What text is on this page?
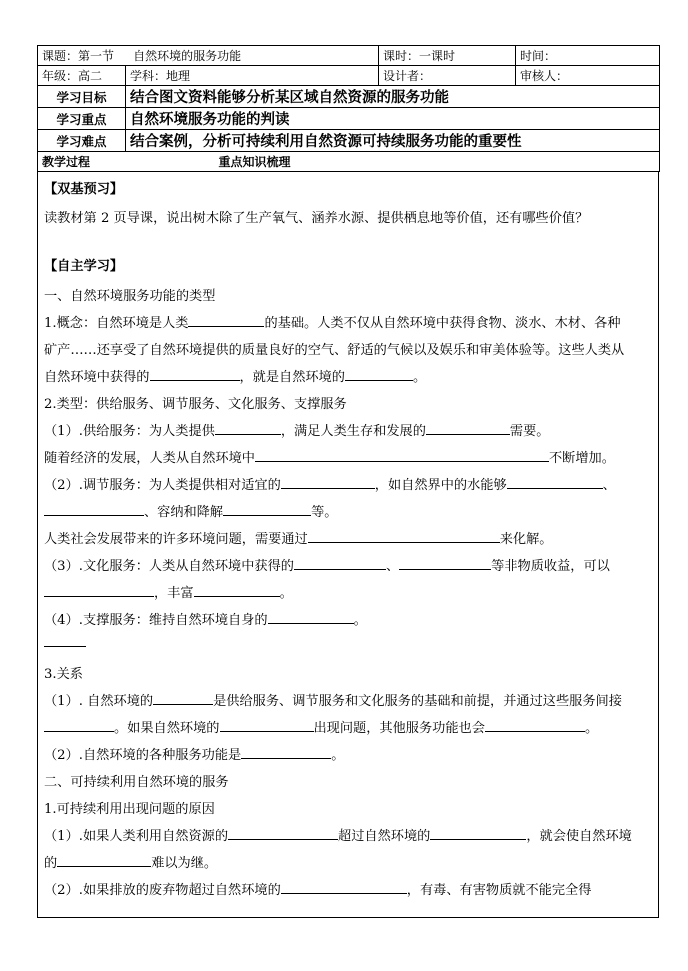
课题：第一节 自然环境的服务功能		课时：一课时	时间：
年级：高二	学科：地理	设计者：	审核人：
学习目标	结合图文资料能够分析某区域自然资源的服务功能		
学习重点	自然环境服务功能的判读		
学习难点	结合案例，分析可持续利用自然资源可持续服务功能的重要性		
教学过程	重点知识梳理		
【双基预习】
读教材第 2 页导课，说出树木除了生产氧气、涵养水源、提供栖息地等价值，还有哪些价值？
【自主学习】
一、自然环境服务功能的类型
1.概念：自然环境是人类	的基础。人类不仅从自然环境中获得食物、淡水、木材、各种
矿产……还享受了自然环境提供的质量良好的空气、舒适的气候以及娱乐和审美体验等。这些人类从
自然环境中获得的	，就是自然环境的	。
2.类型：供给服务、调节服务、文化服务、支撑服务
（1）.供给服务：为人类提供	，满足人类生存和发展的	需要。
随着经济的发展，人类从自然环境中	不断增加。
（2）.调节服务：为人类提供相对适宜的	，如自然界中的水能够	、
、容纳和降解	等。
人类社会发展带来的许多环境问题，需要通过	来化解。
（3）.文化服务：人类从自然环境中获得的	、	等非物质收益，可以
，丰富	。
（4）.支撑服务：维持自然环境自身的	。
3.关系
（1）. 自然环境的	是供给服务、调节服务和文化服务的基础和前提，并通过这些服务间接
。如果自然环境的	出现问题，其他服务功能也会	。
（2）.自然环境的各种服务功能是	。
二、可持续利用自然环境的服务
1.可持续利用出现问题的原因
（1）.如果人类利用自然资源的	超过自然环境的	，就会使自然环境
的	难以为继。
（2）.如果排放的废弃物超过自然环境的	，有毒、有害物质就不能完全得
